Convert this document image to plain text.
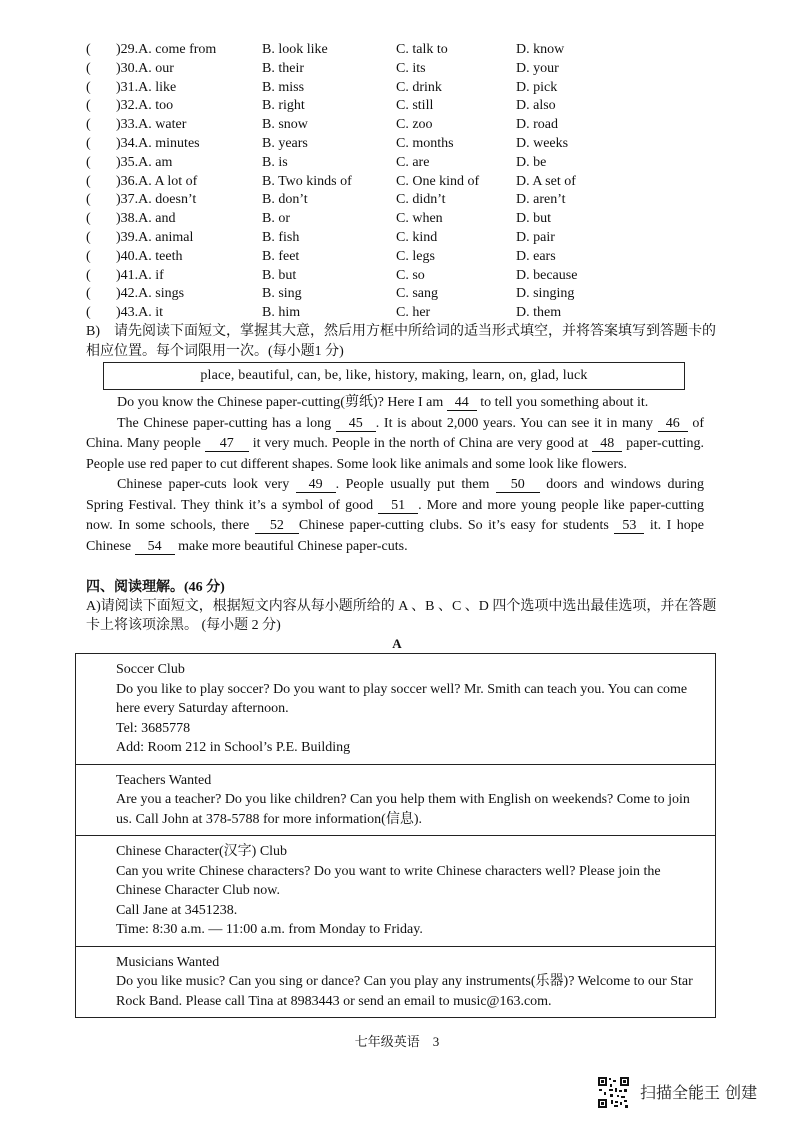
(	)29.A. come from	B. look like	C. talk to	D. know
(	)30.A. our	B. their	C. its	D. your
(	)31.A. like	B. miss	C. drink	D. pick
(	)32.A. too	B. right	C. still	D. also
(	)33.A. water	B. snow	C. zoo	D. road
(	)34.A. minutes	B. years	C. months	D. weeks
(	)35.A. am	B. is	C. are	D. be
(	)36.A. A lot of	B. Two kinds of	C. One kind of	D. A set of
(	)37.A. doesn’t	B. don’t	C. didn’t	D. aren’t
(	)38.A. and	B. or	C. when	D. but
(	)39.A. animal	B. fish	C. kind	D. pair
(	)40.A. teeth	B. feet	C. legs	D. ears
(	)41.A. if	B. but	C. so	D. because
(	)42.A. sings	B. sing	C. sang	D. singing
(	)43.A. it	B. him	C. her	D. them
B)　请先阅读下面短文，掌握其大意，然后用方框中所给词的适当形式填空，并将答案填写到答题卡的相应位置。每个词限用一次。(每小题1 分)
place, beautiful, can, be, like, history, making, learn, on, glad, luck

Do you know the Chinese paper-cutting(剪纸)? Here I am 44 to tell you something about it.

The Chinese paper-cutting has a long 45 . It is about 2,000 years. You can see it in many 46 of China. Many people 47 it very much. People in the north of China are very good at 48 paper-cutting. People use red paper to cut different shapes. Some look like animals and some look like flowers.

Chinese paper-cuts look very 49 . People usually put them 50 doors and windows during Spring Festival. They think it’s a symbol of good 51 . More and more young people like paper-cutting now. In some schools, there 52 Chinese paper-cutting clubs. So it’s easy for students 53 it. I hope Chinese 54 make more beautiful Chinese paper-cuts.

四、阅读理解。(46 分)
A)请阅读下面短文，根据短文内容从每小题所给的 A 、B 、C 、D 四个选项中选出最佳选项，并在答题卡上将该项涂黑。 (每小题 2 分)
A

Soccer Club

Do you like to play soccer? Do you want to play soccer well? Mr. Smith can teach you. You can come here every Saturday afternoon.

Tel: 3685778

Add: Room 212 in School’s P.E. Building

Teachers Wanted

Are you a teacher? Do you like children? Can you help them with English on weekends? Come to join us. Call John at 378-5788 for more information(信息).

Chinese Character(汉字) Club

Can you write Chinese characters? Do you want to write Chinese characters well? Please join the Chinese Character Club now.

Call Jane at 3451238.

Time: 8:30 a.m. — 11:00 a.m. from Monday to Friday.

Musicians Wanted

Do you like music? Can you sing or dance? Can you play any instruments(乐器)? Welcome to our Star Rock Band. Please call Tina at 8983443 or send an email to music@163.com.

七年级英语　3
扫描全能王 创建
